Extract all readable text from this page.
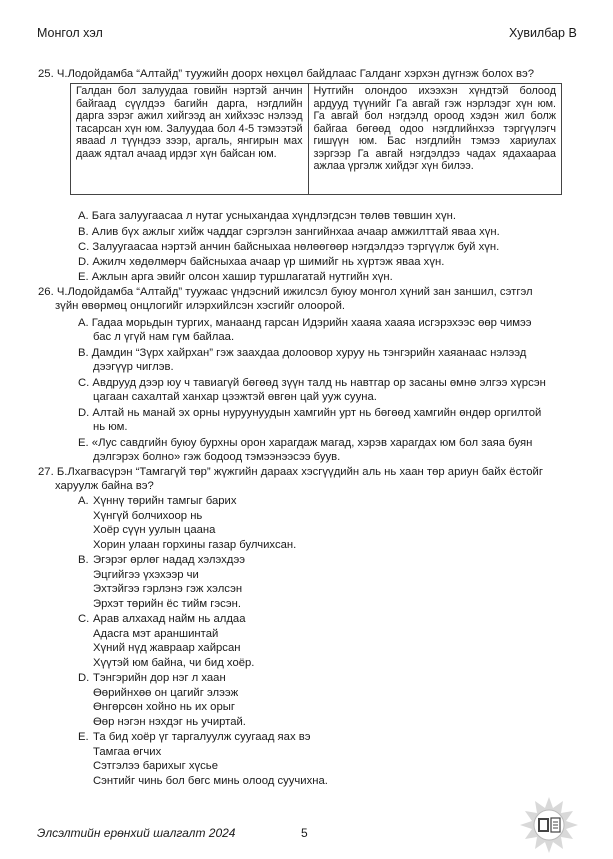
Монгол хэл	Хувилбар В
25. Ч.Лодойдамба “Алтайд” туужийн доорх нөхцөл байдлаас Галданг хэрхэн дүгнэж болох вэ?
Галдан бол залуудаа говийн нэртэй анчин байгаад сүүлдээ багийн дарга, нэгдлийн дарга зэрэг ажил хийгээд ан хийхээс нэлээд тасарсан хүн юм. Залуудаа бол 4-5 тэмээтэй явааd л түүндээ зээр, аргаль, янгирын мах дааж ядтал ачаад ирдэг хүн байсан юм.
Нутгийн олондоо ихээхэн хүндтэй болоод ардууд түүнийг Га авгай гэж нэрлэдэг хүн юм. Га авгай бол нэгдэлд ороод хэдэн жил болж байгаа бөгөөд одоо нэгдлийнхээ тэргүүлэгч гишүүн юм. Бас нэгдлийн тэмээ хариулах зэргээр Га авгай нэгдэлдээ чадах ядахаараа ажлаа үргэлж хийдэг хүн билээ.
A. Бага залуугаасаа л нутаг усныхандаа хүндлэгдсэн төлөв төвшин хүн.
B. Алив бүх ажлыг хийж чаддаг сэргэлэн зангийнхаа ачаар амжилттай яваа хүн.
C. Залуугаасаа нэртэй анчин байсныхаа нөлөөгөөр нэгдэлдээ тэргүүлж буй хүн.
D. Ажилч хөдөлмөрч байсныхаа ачаар үр шимийг нь хүртэж яваа хүн.
E. Ажлын арга эвийг олсон хашир туршлагатай нутгийн хүн.
26. Ч.Лодойдамба “Алтайд” туужаас үндэсний ижилсэл буюу монгол хүний зан заншил, сэтгэл
зүйн өвөрмөц онцлогийг илэрхийлсэн хэсгийг олоорой.
A. Гадаа морьдын тургих, манаанд гарсан Идэрийн хааяа хааяа исгэрэхээс өөр чимээ
бас л үгүй нам гүм байлаа.
B. Дамдин “Зүрх хайрхан” гэж заахдаа долоовор хуруу нь тэнгэрийн хаяанаас нэлээд
дээгүүр чиглэв.
C. Авдрууд дээр юу ч тавиагүй бөгөөд зүүн талд нь навтгар ор засаны өмнө элгээ хүрсэн
цагаан сахалтай ханхар цээжтэй өвгөн цай ууж сууна.
D. Алтай нь манай эх орны нуруунуудын хамгийн урт нь бөгөөд хамгийн өндөр оргилтой
нь юм.
E. «Лус савдгийн буюу бурхны орон харагдаж магад, хэрэв харагдах юм бол заяа буян
дэлгэрэх болно» гэж бодоод тэмээнээсээ буув.
27. Б.Лхагвасүрэн “Тамгагүй төр” жүжгийн дараах хэсгүүдийн аль нь хаан төр ариун байх ёстойг
харуулж байна вэ?
A. Хүннү төрийн тамгыг барих
Хүнгүй болчихоор нь
Хоёр сүүн уулын цаана
Хорин улаан горхины газар булчихсан.
B. Эгэрэг өрлөг нaдад хэлэхдээ
Эцгийгээ үхэхээр чи
Эхтэйгээ гэрлэнэ гэж хэлсэн
Эрхэт төрийн ёс тийм гэсэн.
C. Арав алхахад найм нь алдаа
Адасга мэт араншинтай
Хүний нүд жавраар хайрсан
Хүүтэй юм байна, чи бид хоёр.
D. Тэнгэрийн дор нэг л хаан
Өөрийнхөө он цагийг элээж
Өнгөрсөн хойно нь их орыг
Өөр нэгэн нэхдэг нь учиртай.
E. Та бид хоёр үг таргалуулж суугаад яах вэ
Тамгаа өгчих
Сэтгэлээ барихыг хүсье
Сэнтийг чинь бол бөгс минь олоод суучихна.
Элсэлтийн ерөнхий шалгалт 2024	5
